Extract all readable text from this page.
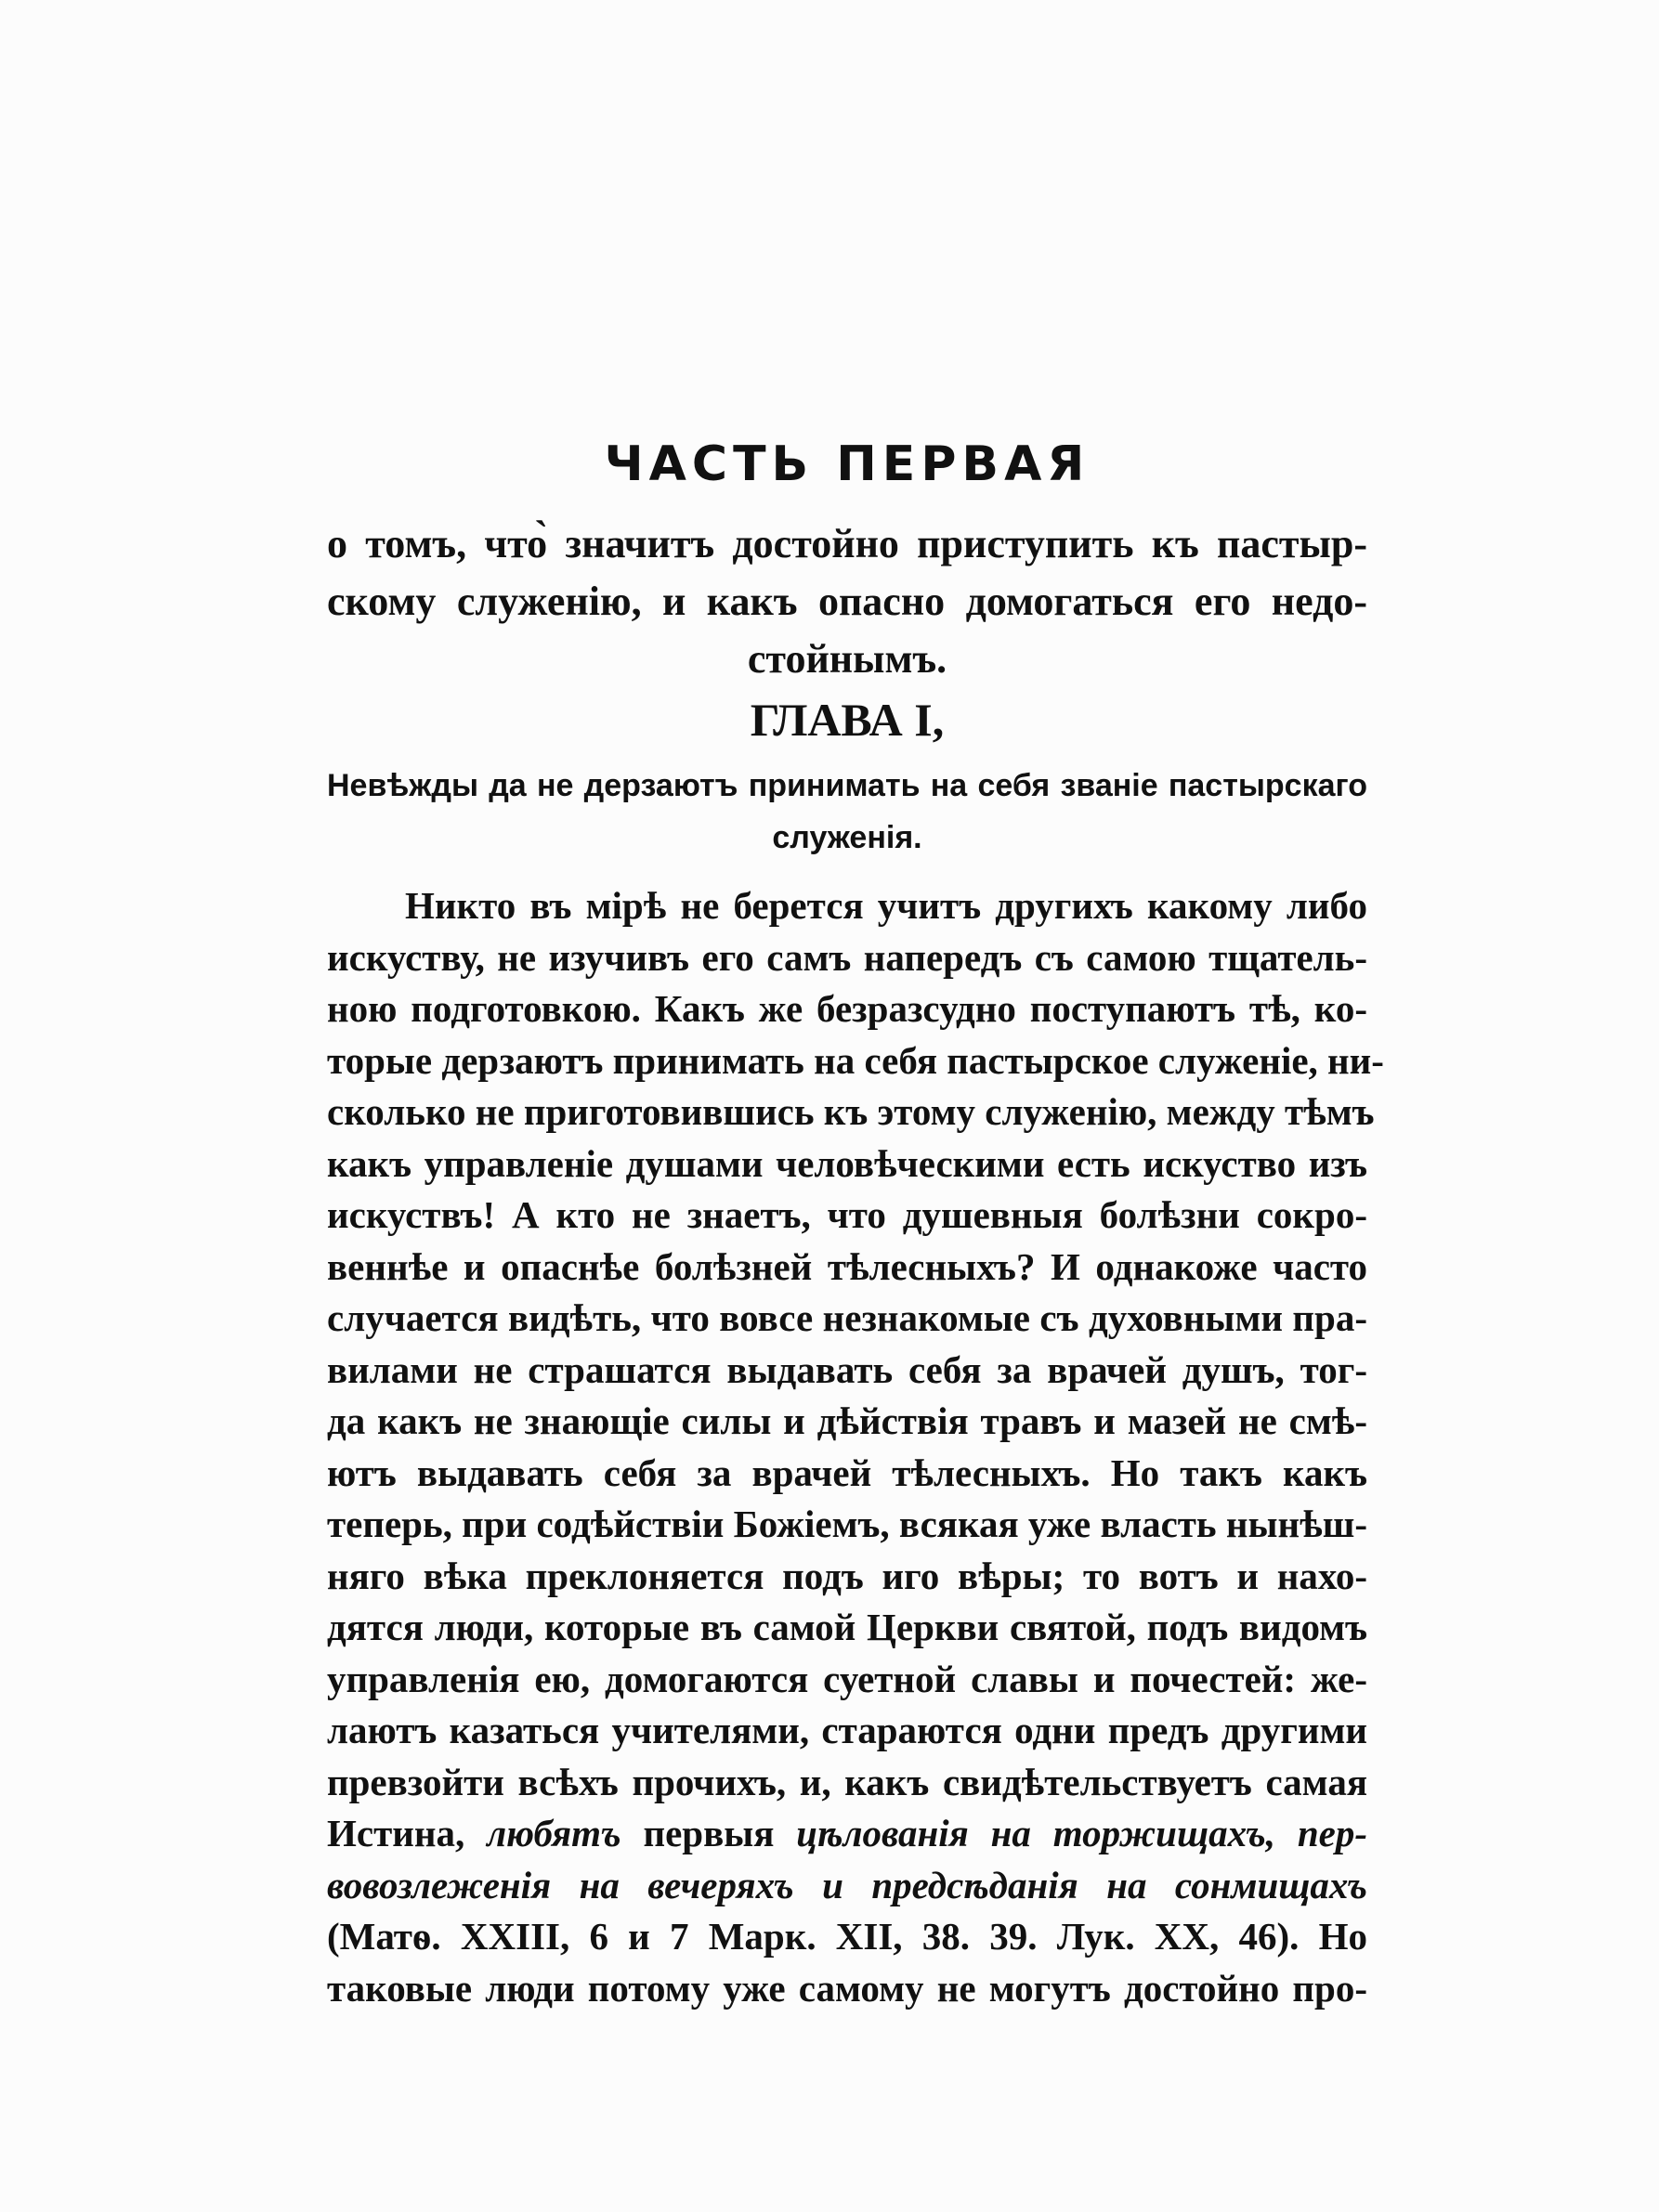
ЧАСТЬ ПЕРВАЯ
о томъ, что̀ значитъ достойно приступить къ пастыр-
скому служенію, и какъ опасно домогаться его недо-
стойнымъ.
ГЛАВА I,
Невѣжды да не дерзаютъ принимать на себя званіе пастырскаго
служенія.
Никто въ мірѣ не берется учитъ другихъ какому либо
искуству, не изучивъ его самъ напередъ съ самою тщатель-
ною подготовкою. Какъ же безразсудно поступаютъ тѣ, ко-
торые дерзаютъ принимать на себя пастырское служеніе, ни-
сколько не приготовившись къ этому служенію, между тѣмъ
какъ управленіе душами человѣческими есть искуство изъ
искуствъ! А кто не знаетъ, что душевныя болѣзни сокро-
веннѣе и опаснѣе болѣзней тѣлесныхъ? И однакоже часто
случается видѣть, что вовсе незнакомые съ духовными пра-
вилами не страшатся выдавать себя за врачей душъ, тог-
да какъ не знающіе силы и дѣйствія травъ и мазей не смѣ-
ютъ выдавать себя за врачей тѣлесныхъ. Но такъ какъ
теперь, при содѣйствіи Божіемъ, всякая уже власть нынѣш-
няго вѣка преклоняется подъ иго вѣры; то вотъ и нахо-
дятся люди, которые въ самой Церкви святой, подъ видомъ
управленія ею, домогаются суетной славы и почестей: же-
лаютъ казаться учителями, стараются одни предъ другими
превзойти всѣхъ прочихъ, и, какъ свидѣтельствуетъ самая
Истина, любятъ первыя цѣлованія на торжищахъ, пер-
вовозлеженія на вечеряхъ и предсѣданія на сонмищахъ
(Матѳ. XXIII, 6 и 7 Марк. XII, 38. 39. Лук. XX, 46). Но
таковые люди потому уже самому не могутъ достойно про-
